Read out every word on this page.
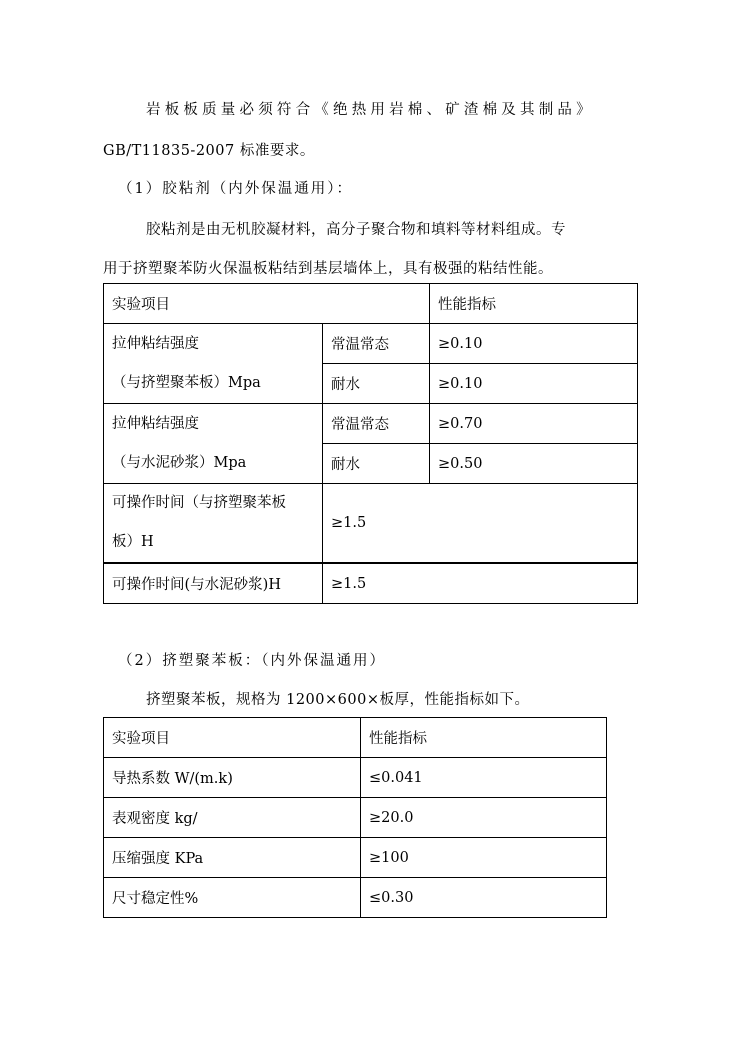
岩板板质量必须符合《绝热用岩棉、矿渣棉及其制品》
GB/T11835-2007 标准要求。
（1）胶粘剂（内外保温通用）：
胶粘剂是由无机胶凝材料，高分子聚合物和填料等材料组成。专
用于挤塑聚苯防火保温板粘结到基层墙体上，具有极强的粘结性能。
实验项目		性能指标

拉伸粘结强度
（与挤塑聚苯板）Mpa	常温常态	≥0.10
	耐水	≥0.10

拉伸粘结强度
（与水泥砂浆）Mpa	常温常态	≥0.70
	耐水	≥0.50

可操作时间（与挤塑聚苯板
板）H	≥1.5	
可操作时间(与水泥砂浆)H	≥1.5	
（2）挤塑聚苯板：（内外保温通用）
挤塑聚苯板，规格为 1200×600×板厚，性能指标如下。
实验项目	性能指标
导热系数 W/(m.k)	≤0.041
表观密度 kg/	≥20.0
压缩强度 KPa	≥100
尺寸稳定性%	≤0.30
